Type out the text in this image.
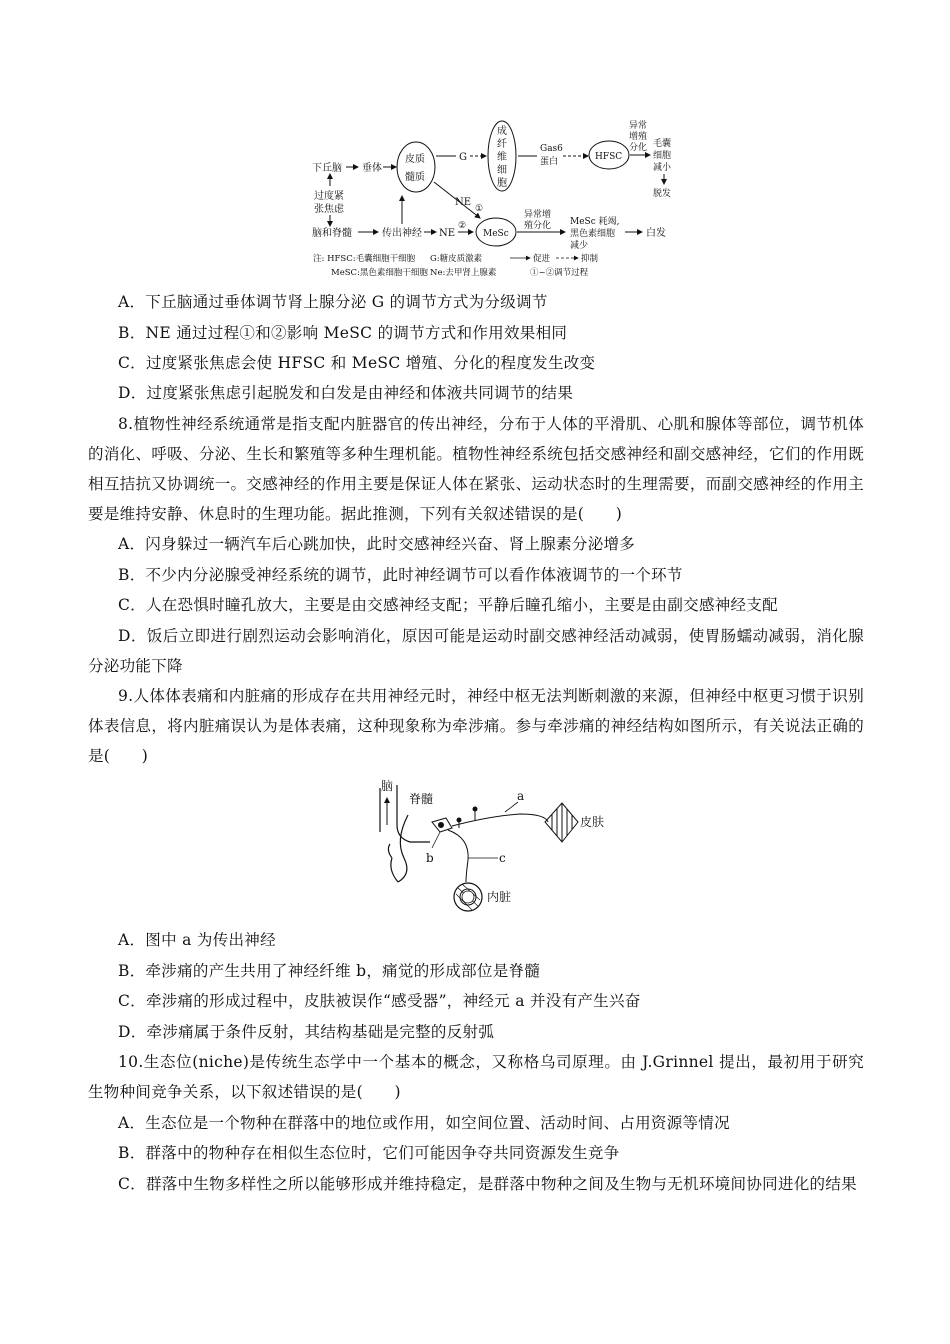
下丘脑 垂体
皮质
髓质
G
成
纤
维
细
胞
Gas6
蛋白	HFSC
异常
增殖
分化 毛囊
细胞
减小
脱发
过度紧
张焦虑
脑和脊髓	传出神经 NE
NE
①
②
MeSc
异常增
殖分化 MeSc 耗竭,
黑色素细胞
减少
白发
注: HFSC:毛囊细胞干细胞 G:糖皮质激素	促进	抑制
MeSC:黑色素细胞干细胞 Ne:去甲肾上腺素	①~②调节过程
A．下丘脑通过垂体调节肾上腺分泌 G 的调节方式为分级调节
B．NE 通过过程①和②影响 MeSC 的调节方式和作用效果相同
C．过度紧张焦虑会使 HFSC 和 MeSC 增殖、分化的程度发生改变
D．过度紧张焦虑引起脱发和白发是由神经和体液共同调节的结果
8.植物性神经系统通常是指支配内脏器官的传出神经，分布于人体的平滑肌、心肌和腺体等部位，调节机体的消化、呼吸、分泌、生长和繁殖等多种生理机能。植物性神经系统包括交感神经和副交感神经，它们的作用既相互拮抗又协调统一。交感神经的作用主要是保证人体在紧张、运动状态时的生理需要，而副交感神经的作用主要是维持安静、休息时的生理功能。据此推测，下列有关叙述错误的是(　　)
A．闪身躲过一辆汽车后心跳加快，此时交感神经兴奋、肾上腺素分泌增多
B．不少内分泌腺受神经系统的调节，此时神经调节可以看作体液调节的一个环节
C．人在恐惧时瞳孔放大，主要是由交感神经支配；平静后瞳孔缩小，主要是由副交感神经支配
D．饭后立即进行剧烈运动会影响消化，原因可能是运动时副交感神经活动减弱，使胃肠蠕动减弱，消化腺分泌功能下降
9.人体体表痛和内脏痛的形成存在共用神经元时，神经中枢无法判断刺激的来源，但神经中枢更习惯于识别体表信息，将内脏痛误认为是体表痛，这种现象称为牵涉痛。参与牵涉痛的神经结构如图所示，有关说法正确的是(　　)
脑
脊髓	a
皮肤
b	c
内脏
A．图中 a 为传出神经
B．牵涉痛的产生共用了神经纤维 b，痛觉的形成部位是脊髓
C．牵涉痛的形成过程中，皮肤被误作“感受器”，神经元 a 并没有产生兴奋
D．牵涉痛属于条件反射，其结构基础是完整的反射弧
10.生态位(niche)是传统生态学中一个基本的概念，又称格乌司原理。由 J.Grinnel 提出，最初用于研究生物种间竞争关系，以下叙述错误的是(　　)
A．生态位是一个物种在群落中的地位或作用，如空间位置、活动时间、占用资源等情况
B．群落中的物种存在相似生态位时，它们可能因争夺共同资源发生竞争
C．群落中生物多样性之所以能够形成并维持稳定，是群落中物种之间及生物与无机环境间协同进化的结果
